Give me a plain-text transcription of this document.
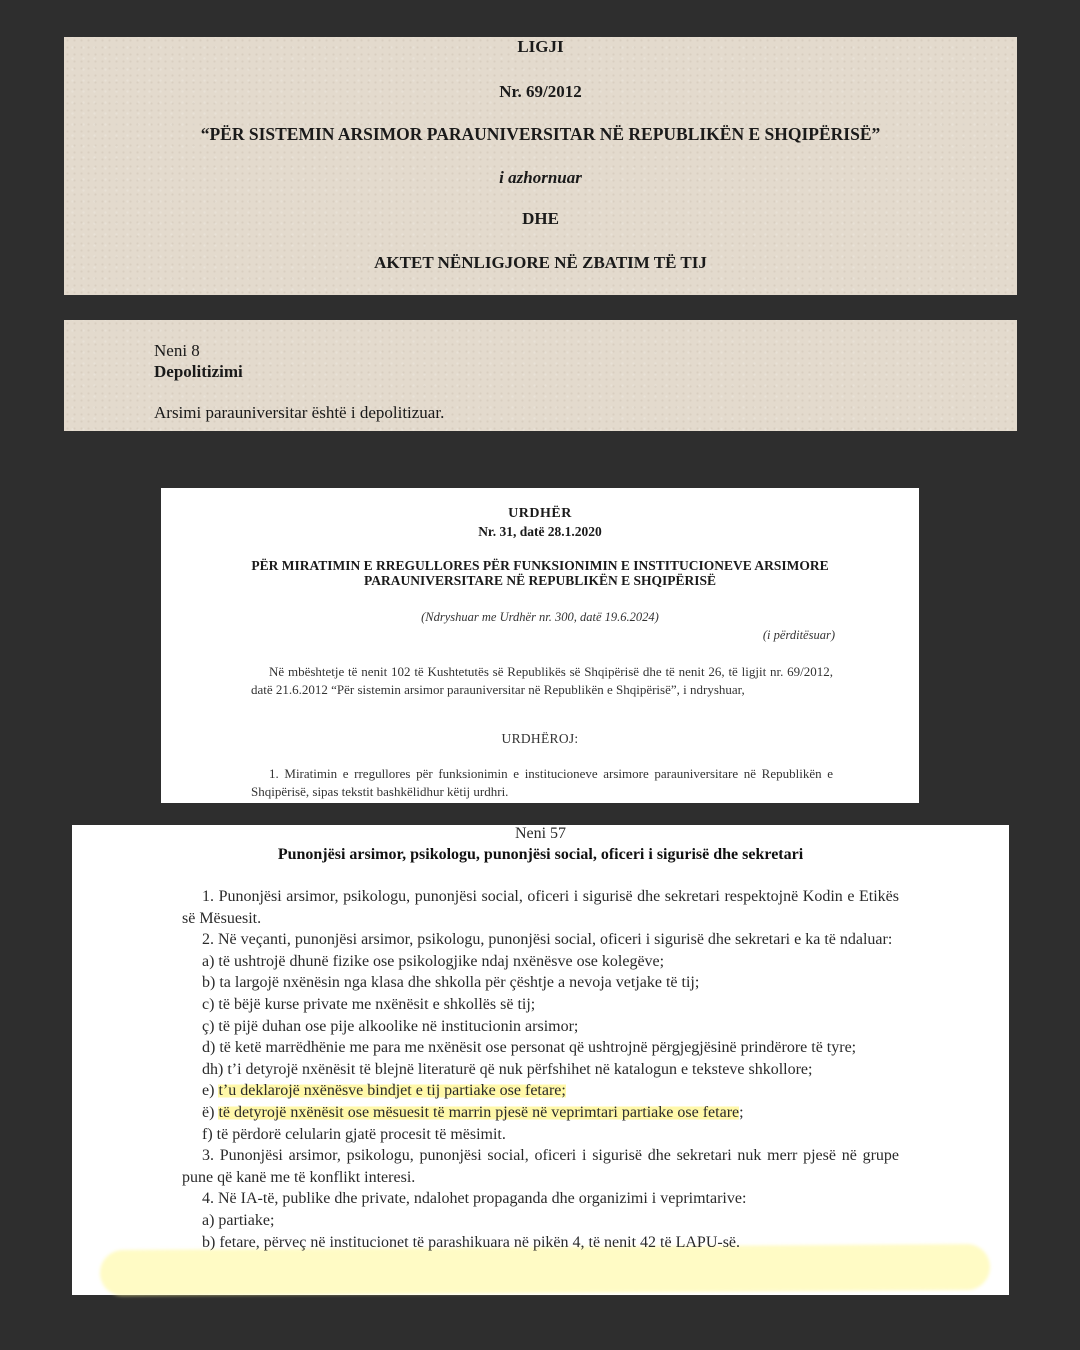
LIGJI
Nr. 69/2012
“PËR SISTEMIN ARSIMOR PARAUNIVERSITAR NË REPUBLIKËN E SHQIPËRISË”
i azhornuar
DHE
AKTET NËNLIGJORE NË ZBATIM TË TIJ
Neni 8
Depolitizimi
Arsimi parauniversitar është i depolitizuar.
URDHËR
Nr. 31, datë 28.1.2020
PËR MIRATIMIN E RREGULLORES PËR FUNKSIONIMIN E INSTITUCIONEVE ARSIMORE PARAUNIVERSITARE NË REPUBLIKËN E SHQIPËRISË
(Ndryshuar me Urdhër nr. 300, datë 19.6.2024)
(i përditësuar)
Në mbështetje të nenit 102 të Kushtetutës së Republikës së Shqipërisë dhe të nenit 26, të ligjit nr. 69/2012, datë 21.6.2012 “Për sistemin arsimor parauniversitar në Republikën e Shqipërisë”, i ndryshuar,
URDHËROJ:
1. Miratimin e rregullores për funksionimin e institucioneve arsimore parauniversitare në Republikën e Shqipërisë, sipas tekstit bashkëlidhur këtij urdhri.
Neni 57
Punonjësi arsimor, psikologu, punonjësi social, oficeri i sigurisë dhe sekretari

1. Punonjësi arsimor, psikologu, punonjësi social, oficeri i sigurisë dhe sekretari respektojnë Kodin e Etikës së Mësuesit.

2. Në veçanti, punonjësi arsimor, psikologu, punonjësi social, oficeri i sigurisë dhe sekretari e ka të ndaluar:

a) të ushtrojë dhunë fizike ose psikologjike ndaj nxënësve ose kolegëve;

b) ta largojë nxënësin nga klasa dhe shkolla për çështje a nevoja vetjake të tij;

c) të bëjë kurse private me nxënësit e shkollës së tij;

ç) të pijë duhan ose pije alkoolike në institucionin arsimor;

d) të ketë marrëdhënie me para me nxënësit ose personat që ushtrojnë përgjegjësinë prindërore të tyre;

dh) t’i detyrojë nxënësit të blejnë literaturë që nuk përfshihet në katalogun e teksteve shkollore;

e) t’u deklarojë nxënësve bindjet e tij partiake ose fetare;

ë) të detyrojë nxënësit ose mësuesit të marrin pjesë në veprimtari partiake ose fetare;

f) të përdorë celularin gjatë procesit të mësimit.

3. Punonjësi arsimor, psikologu, punonjësi social, oficeri i sigurisë dhe sekretari nuk merr pjesë në grupe pune që kanë me të konflikt interesi.

4. Në IA-të, publike dhe private, ndalohet propaganda dhe organizimi i veprimtarive:

a) partiake;

b) fetare, përveç në institucionet të parashikuara në pikën 4, të nenit 42 të LAPU-së.
